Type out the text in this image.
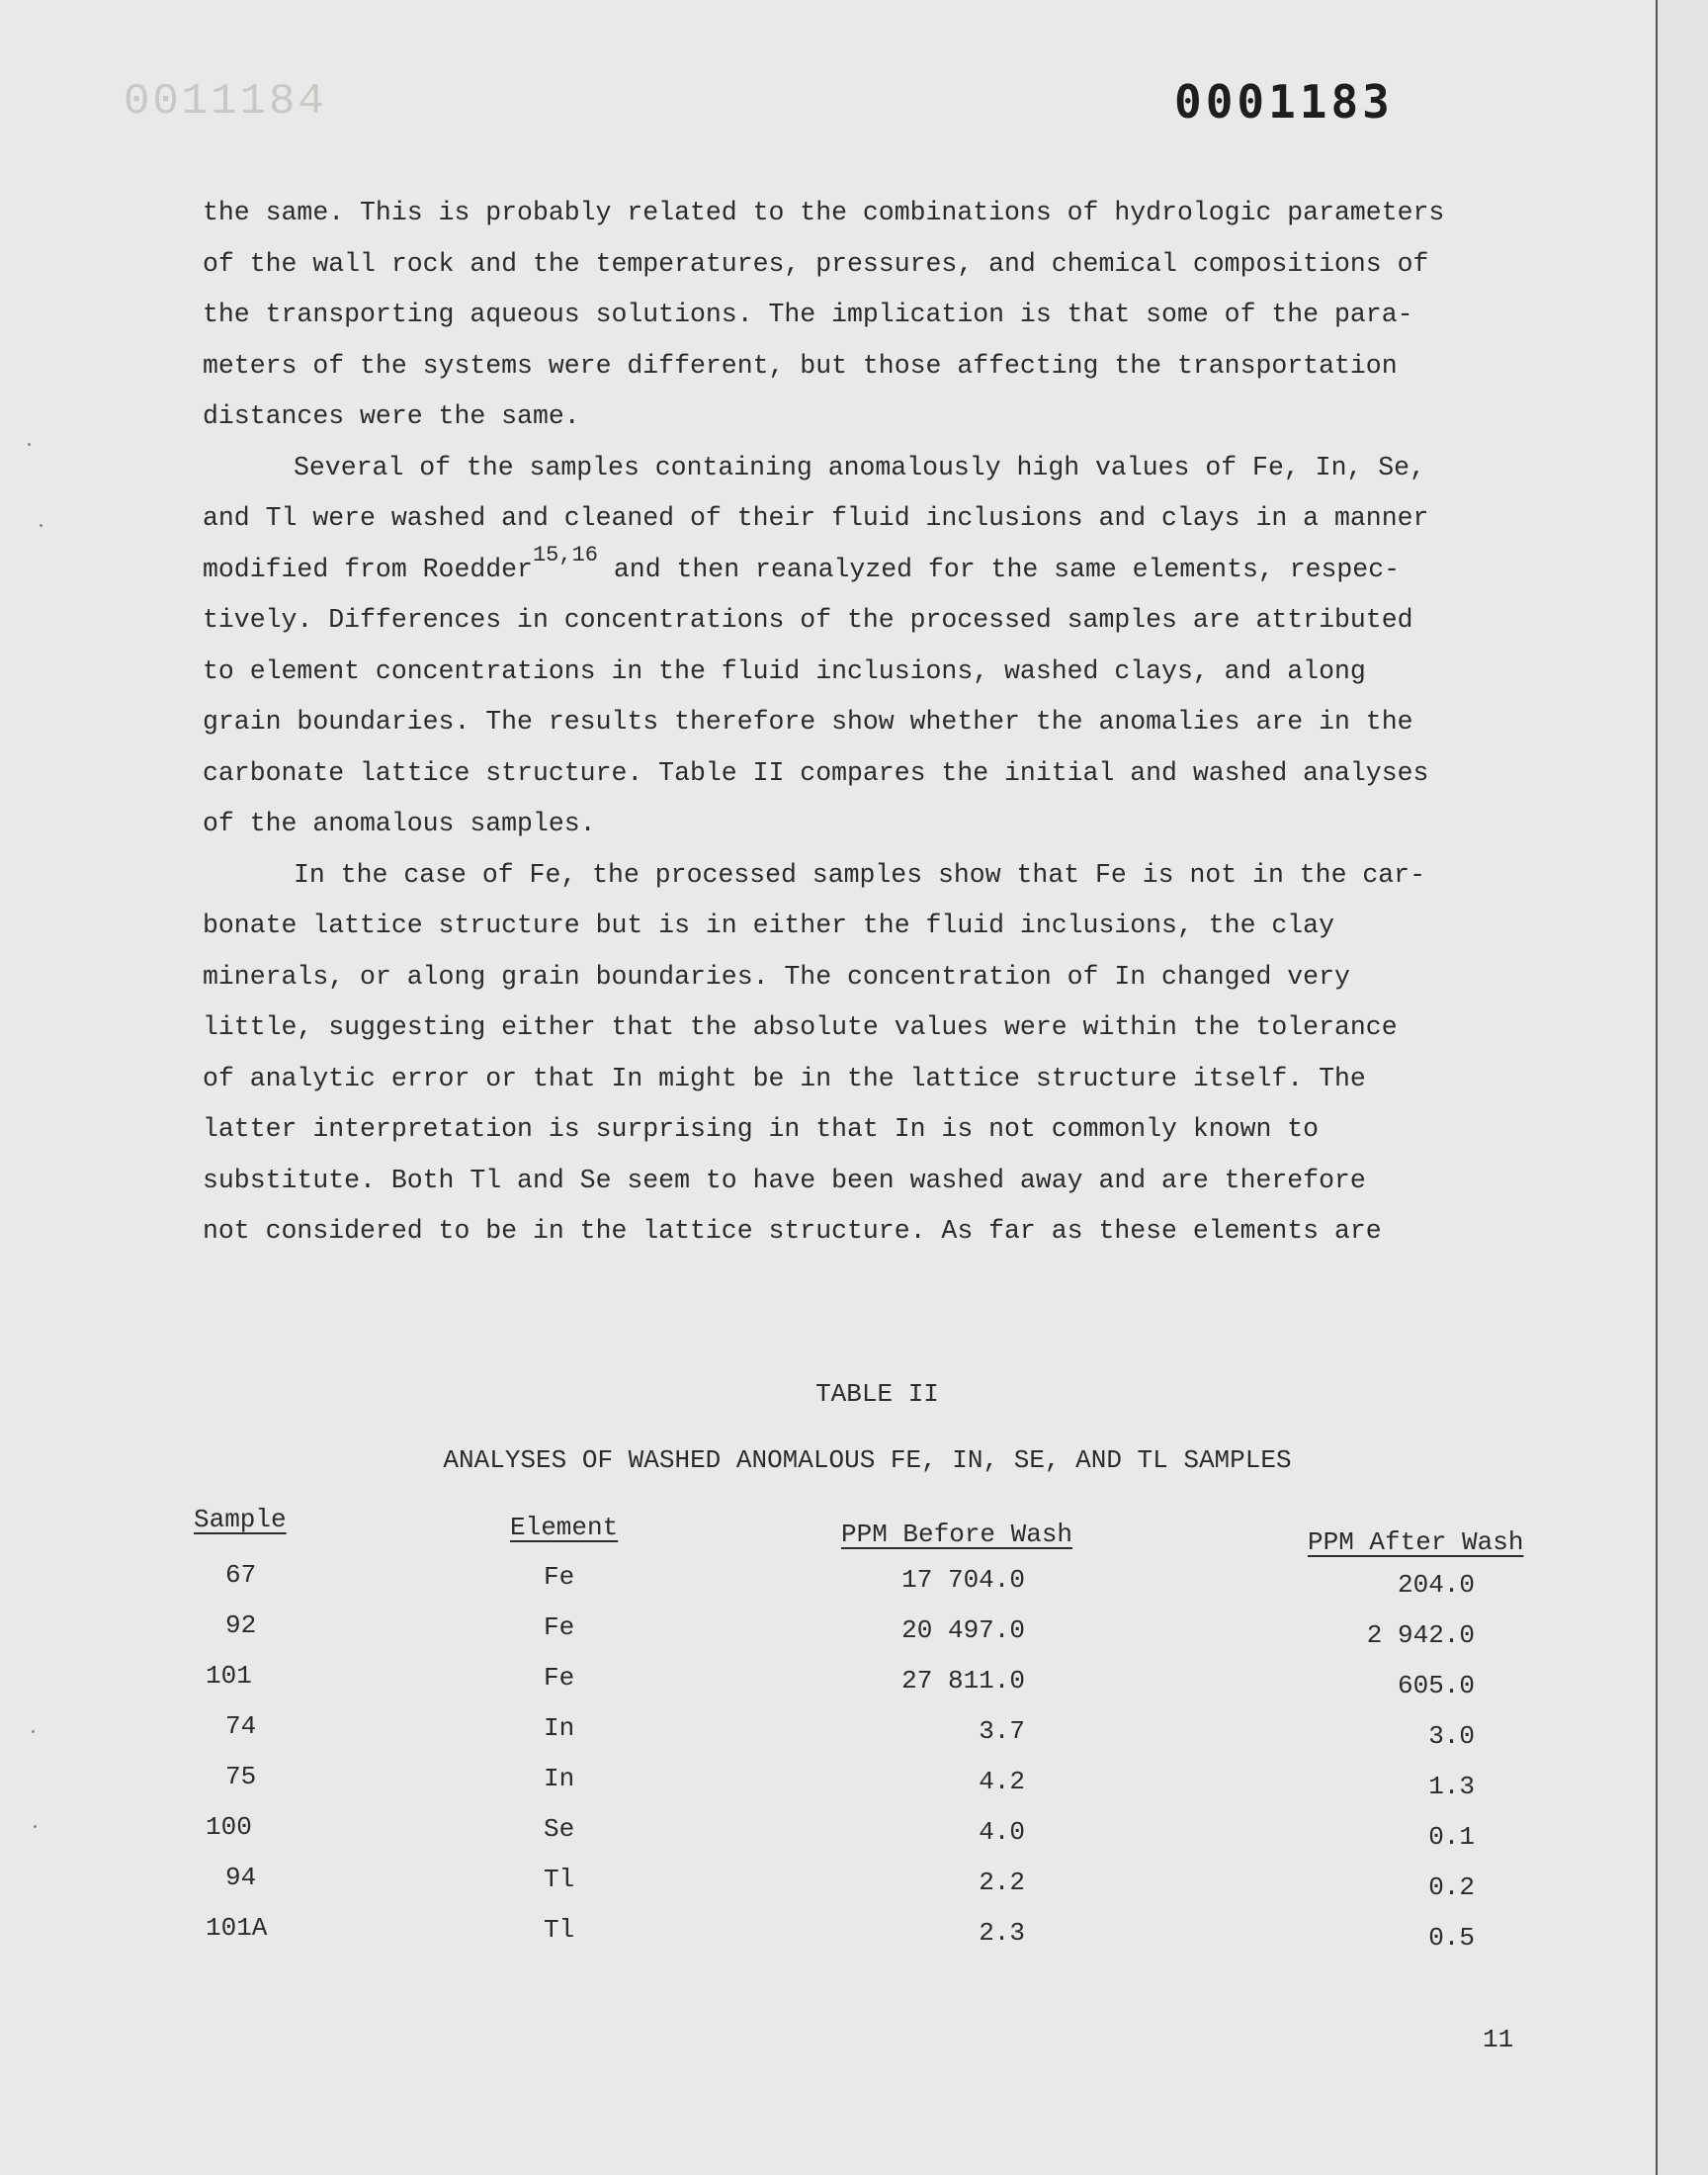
0011184	0001183

the same. This is probably related to the combinations of hydrologic parameters

of the wall rock and the temperatures, pressures, and chemical compositions of

the transporting aqueous solutions. The implication is that some of the para-

meters of the systems were different, but those affecting the transportation

distances were the same.

Several of the samples containing anomalously high values of Fe, In, Se,

and Tl were washed and cleaned of their fluid inclusions and clays in a manner

modified from Roedder$^{15,16}$ and then reanalyzed for the same elements, respec-

tively. Differences in concentrations of the processed samples are attributed

to element concentrations in the fluid inclusions, washed clays, and along

grain boundaries. The results therefore show whether the anomalies are in the

carbonate lattice structure. Table II compares the initial and washed analyses

of the anomalous samples.

In the case of Fe, the processed samples show that Fe is not in the car-

bonate lattice structure but is in either the fluid inclusions, the clay

minerals, or along grain boundaries. The concentration of In changed very

little, suggesting either that the absolute values were within the tolerance

of analytic error or that In might be in the lattice structure itself. The

latter interpretation is surprising in that In is not commonly known to

substitute. Both Tl and Se seem to have been washed away and are therefore

not considered to be in the lattice structure. As far as these elements are

TABLE II
ANALYSES OF WASHED ANOMALOUS FE, IN, SE, AND TL SAMPLES
Sample	Element	PPM Before Wash	PPM After Wash
67	Fe	17 704.0	204.0
92	Fe	20 497.0	2 942.0
101	Fe	27 811.0	605.0
74	In	3.7	3.0
75	In	4.2	1.3
100	Se	4.0	0.1
94	Tl	2.2	0.2
101A	Tl	2.3	0.5
11
